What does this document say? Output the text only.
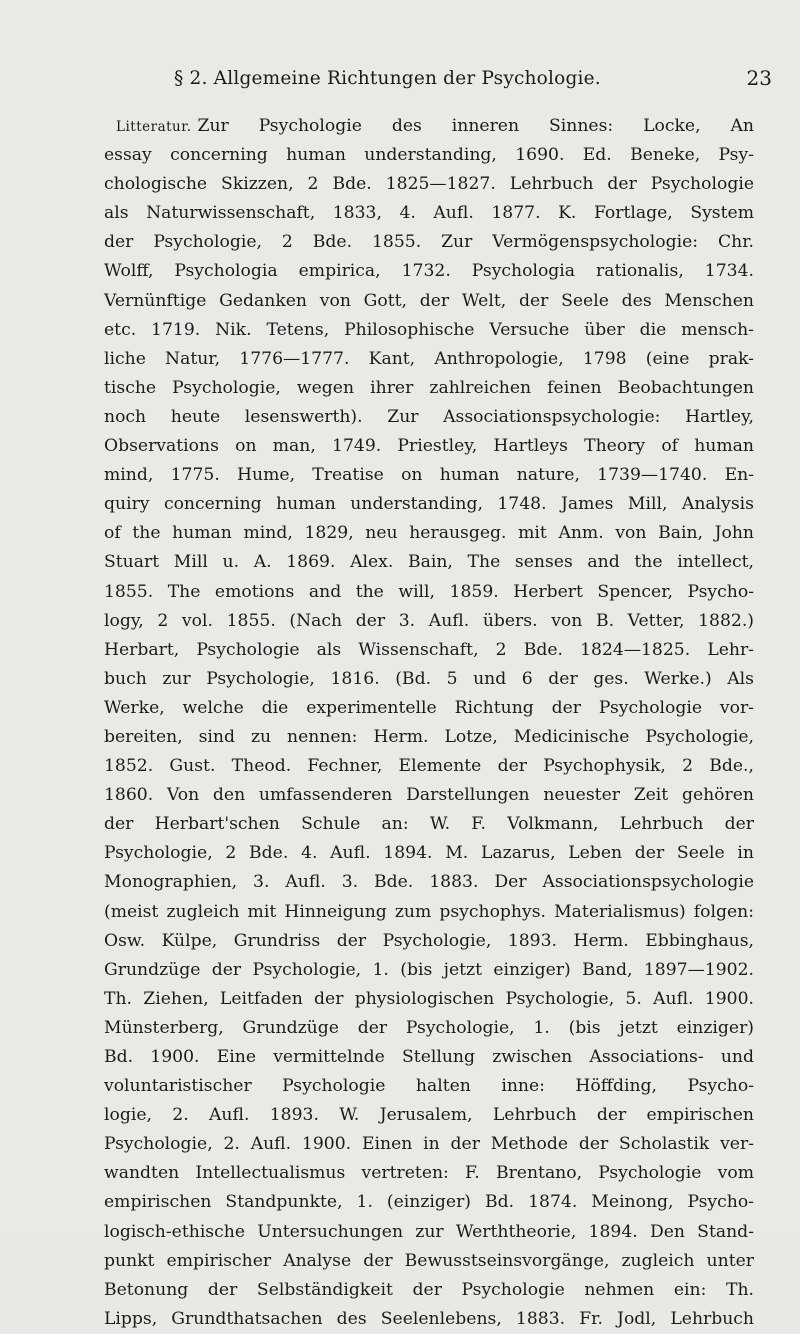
§ 2. Allgemeine Richtungen der Psychologie.	23
Litteratur. Zur Psychologie des inneren Sinnes: Locke, An
essay concerning human understanding, 1690. Ed. Beneke, Psy-
chologische Skizzen, 2 Bde. 1825—1827. Lehrbuch der Psychologie
als Naturwissenschaft, 1833, 4. Aufl. 1877. K. Fortlage, System
der Psychologie, 2 Bde. 1855. Zur Vermögenspsychologie: Chr.
Wolff, Psychologia empirica, 1732. Psychologia rationalis, 1734.
Vernünftige Gedanken von Gott, der Welt, der Seele des Menschen
etc. 1719. Nik. Tetens, Philosophische Versuche über die mensch-
liche Natur, 1776—1777. Kant, Anthropologie, 1798 (eine prak-
tische Psychologie, wegen ihrer zahlreichen feinen Beobachtungen
noch heute lesenswerth). Zur Associationspsychologie: Hartley,
Observations on man, 1749. Priestley, Hartleys Theory of human
mind, 1775. Hume, Treatise on human nature, 1739—1740. En-
quiry concerning human understanding, 1748. James Mill, Analysis
of the human mind, 1829, neu herausgeg. mit Anm. von Bain, John
Stuart Mill u. A. 1869. Alex. Bain, The senses and the intellect,
1855. The emotions and the will, 1859. Herbert Spencer, Psycho-
logy, 2 vol. 1855. (Nach der 3. Aufl. übers. von B. Vetter, 1882.)
Herbart, Psychologie als Wissenschaft, 2 Bde. 1824—1825. Lehr-
buch zur Psychologie, 1816. (Bd. 5 und 6 der ges. Werke.) Als
Werke, welche die experimentelle Richtung der Psychologie vor-
bereiten, sind zu nennen: Herm. Lotze, Medicinische Psychologie,
1852. Gust. Theod. Fechner, Elemente der Psychophysik, 2 Bde.,
1860. Von den umfassenderen Darstellungen neuester Zeit gehören
der Herbart'schen Schule an: W. F. Volkmann, Lehrbuch der
Psychologie, 2 Bde. 4. Aufl. 1894. M. Lazarus, Leben der Seele in
Monographien, 3. Aufl. 3. Bde. 1883. Der Associationspsychologie
(meist zugleich mit Hinneigung zum psychophys. Materialismus) folgen:
Osw. Külpe, Grundriss der Psychologie, 1893. Herm. Ebbinghaus,
Grundzüge der Psychologie, 1. (bis jetzt einziger) Band, 1897—1902.
Th. Ziehen, Leitfaden der physiologischen Psychologie, 5. Aufl. 1900.
Münsterberg, Grundzüge der Psychologie, 1. (bis jetzt einziger)
Bd. 1900. Eine vermittelnde Stellung zwischen Associations- und
voluntaristischer Psychologie halten inne: Höffding, Psycho-
logie, 2. Aufl. 1893. W. Jerusalem, Lehrbuch der empirischen
Psychologie, 2. Aufl. 1900. Einen in der Methode der Scholastik ver-
wandten Intellectualismus vertreten: F. Brentano, Psychologie vom
empirischen Standpunkte, 1. (einziger) Bd. 1874. Meinong, Psycho-
logisch-ethische Untersuchungen zur Werththeorie, 1894. Den Stand-
punkt empirischer Analyse der Bewusstseinsvorgänge, zugleich unter
Betonung der Selbständigkeit der Psychologie nehmen ein: Th.
Lipps, Grundthatsachen des Seelenlebens, 1883. Fr. Jodl, Lehrbuch
